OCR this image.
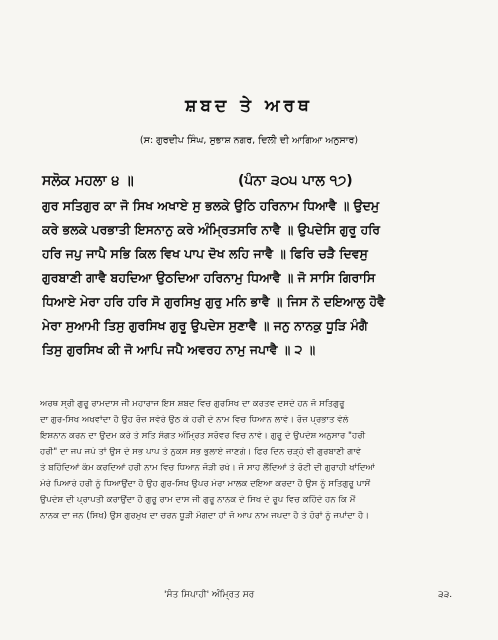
ਸ਼ਬਦ ਤੇ ਅਰਥ
(ਸ: ਗੁਰਦੀਪ ਸਿੰਘ, ਸੁਭਾਸ਼ ਨਗਰ, ਦਿਲੀ ਦੀ ਆਗਿਆ ਅਨੁਸਾਰ)
ਸਲੋਕ ਮਹਲਾ ੪ ॥	(ਪੰਨਾ ੩੦੫ ਪਾਲ ੧੭)
ਗੁਰ ਸਤਿਗੁਰ ਕਾ ਜੋ ਸਿਖ ਅਖਾਏ ਸੁ ਭਲਕੇ ਉਠਿ ਹਰਿਨਾਮ ਧਿਆਵੈ ॥ ਉਦਮੁ
ਕਰੇ ਭਲਕੇ ਪਰਭਾਤੀ ਇਸਨਾਨੁ ਕਰੇ ਅੰਮ੍ਰਿਤਸਰਿ ਨਾਵੈ ॥ ਉਪਦੇਸਿ ਗੁਰੂ ਹਰਿ
ਹਰਿ ਜਪੁ ਜਾਪੈ ਸਭਿ ਕਿਲ ਵਿਖ ਪਾਪ ਦੋਖ ਲਹਿ ਜਾਵੈ ॥ ਫਿਰਿ ਚੜੈ ਦਿਵਸੁ
ਗੁਰਬਾਣੀ ਗਾਵੈ ਬਹਦਿਆ ਉਠਦਿਆ ਹਰਿਨਾਮੁ ਧਿਆਵੈ ॥ ਜੋ ਸਾਸਿ ਗਿਰਾਸਿ
ਧਿਆਏ ਮੇਰਾ ਹਰਿ ਹਰਿ ਸੋ ਗੁਰਸਿਖੁ ਗੁਰੁ ਮਨਿ ਭਾਵੈ ॥ ਜਿਸ ਨੋ ਦਇਆਲੁ ਹੋਵੈ
ਮੇਰਾ ਸੁਆਮੀ ਤਿਸੁ ਗੁਰਸਿਖ ਗੁਰੂ ਉਪਦੇਸ ਸੁਣਾਵੈ ॥ ਜਨੁ ਨਾਨਕੁ ਧੂੜਿ ਮੰਗੈ
ਤਿਸੁ ਗੁਰਸਿਖ ਕੀ ਜੋ ਆਪਿ ਜਪੈ ਅਵਰਹ ਨਾਮੁ ਜਪਾਵੈ ॥ ੨ ॥
ਅਰਥ ਸ੍ਰੀ ਗੁਰੂ ਰਾਮਦਾਸ ਜੀ ਮਹਾਰਾਜ ਇਸ ਸ਼ਬਦ ਵਿਚ ਗੁਰਸਿਖ ਦਾ ਕਰਤਵ ਦਸਦੇ ਹਨ ਜੋ ਸਤਿਗੁਰੂ
ਦਾ ਗੁਰ-ਸਿਖ ਅਖਵਾਂਦਾ ਹੈ ਉਹ ਰੋਜ਼ ਸਵੇਰੇ ਉਠ ਕੇ ਹਰੀ ਦੇ ਨਾਮ ਵਿਚ ਧਿਆਨ ਲਾਵੇ। ਰੋਜ਼ ਪ੍ਰਭਾਤ ਵੇਲੇ
ਇਸ਼ਨਾਨ ਕਰਨ ਦਾ ਉਦਮ ਕਰੇ ਤੇ ਸਤਿ ਸੰਗਤ ਅੰਮ੍ਰਿਤ ਸਰੋਵਰ ਵਿਚ ਨਾਵੇ। ਗੁਰੂ ਦੇ ਉਪਦੇਸ਼ ਅਨੁਸਾਰ "ਹਰੀ
ਹਰੀ" ਦਾ ਜਪ ਜਪੇ ਤਾਂ ਉਸ ਦੇ ਸਭ ਪਾਪ ਤੇ ਨੁਕਸ ਸਭ ਭੁਲਾਏ ਜਾਣਗੇ। ਫਿਰ ਦਿਨ ਚੜ੍ਹੇ ਵੀ ਗੁਰਬਾਣੀ ਗਾਵੇ
ਤੇ ਬਹਿੰਦਿਆਂ ਕੰਮ ਕਰਦਿਆਂ ਹਰੀ ਨਾਮ ਵਿਚ ਧਿਆਨ ਜੋੜੀ ਰਖੇ। ਜੋ ਸਾਹ ਲੈਂਦਿਆਂ ਤੇ ਰੋਟੀ ਦੀ ਗੁਰਾਹੀ ਖਾਂਦਿਆਂ
ਮੇਰੇ ਪਿਆਰੇ ਹਰੀ ਨੂੰ ਧਿਆਉਂਦਾ ਹੈ ਉਹ ਗੁਰ-ਸਿਖ ਉਪਰ ਮੇਰਾ ਮਾਲਕ ਦਇਆ ਕਰਦਾ ਹੈ ਉਸ ਨੂੰ ਸਤਿਗੁਰੂ ਪਾਸੋਂ
ਉਪਦੇਸ਼ ਦੀ ਪ੍ਰਾਪਤੀ ਕਰਾਉਂਦਾ ਹੈ ਗੁਰੂ ਰਾਮ ਦਾਸ ਜੀ ਗੁਰੂ ਨਾਨਕ ਦੇ ਸਿਖ ਦੇ ਰੂਪ ਵਿਚ ਕਹਿੰਦੇ ਹਨ ਕਿ ਮੈਂ
ਨਾਨਕ ਦਾ ਜਨ (ਸਿਖ) ਉਸ ਗੁਰਮੁਖ ਦਾ ਚਰਨ ਧੂੜੀ ਮੰਗਦਾ ਹਾਂ ਜੋ ਆਪ ਨਾਮ ਜਪਦਾ ਹੈ ਤੇ ਹੋਰਾਂ ਨੂੰ ਜਪਾਂਦਾ ਹੈ।
'ਸੰਤ ਸਿਪਾਹੀ' ਅੰਮ੍ਰਿਤ ਸਰ	੩੩.
